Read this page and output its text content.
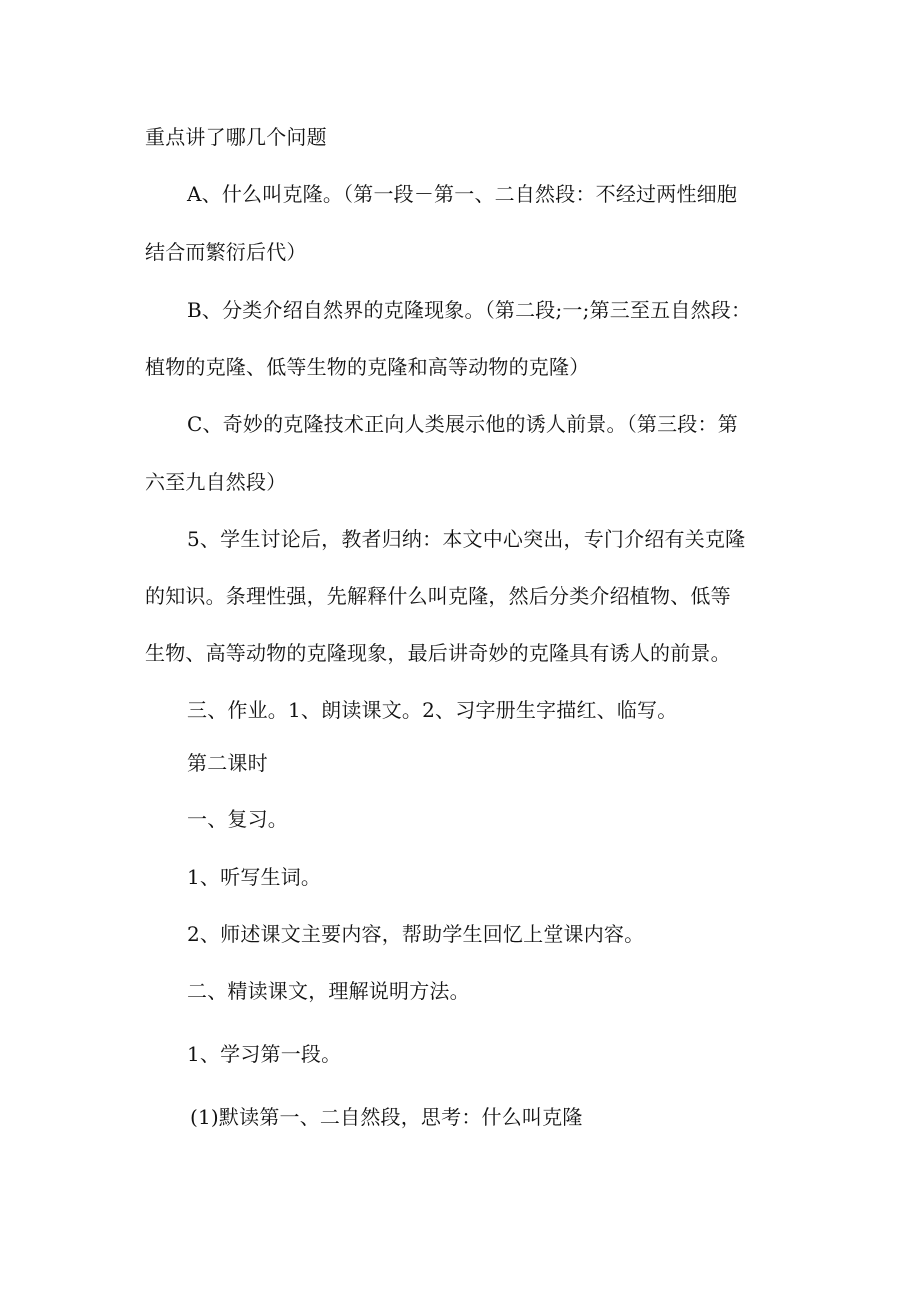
重点讲了哪几个问题
A、什么叫克隆。（第一段－第一、二自然段：不经过两性细胞
结合而繁衍后代）
B、分类介绍自然界的克隆现象。（第二段;一;第三至五自然段：
植物的克隆、低等生物的克隆和高等动物的克隆）
C、奇妙的克隆技术正向人类展示他的诱人前景。（第三段：第
六至九自然段）
5、学生讨论后，教者归纳：本文中心突出，专门介绍有关克隆
的知识。条理性强，先解释什么叫克隆，然后分类介绍植物、低等
生物、高等动物的克隆现象，最后讲奇妙的克隆具有诱人的前景。
三、作业。1、朗读课文。2、习字册生字描红、临写。
第二课时
一、复习。
1、听写生词。
2、师述课文主要内容，帮助学生回忆上堂课内容。
二、精读课文，理解说明方法。
1、学习第一段。
(1)默读第一、二自然段，思考：什么叫克隆
